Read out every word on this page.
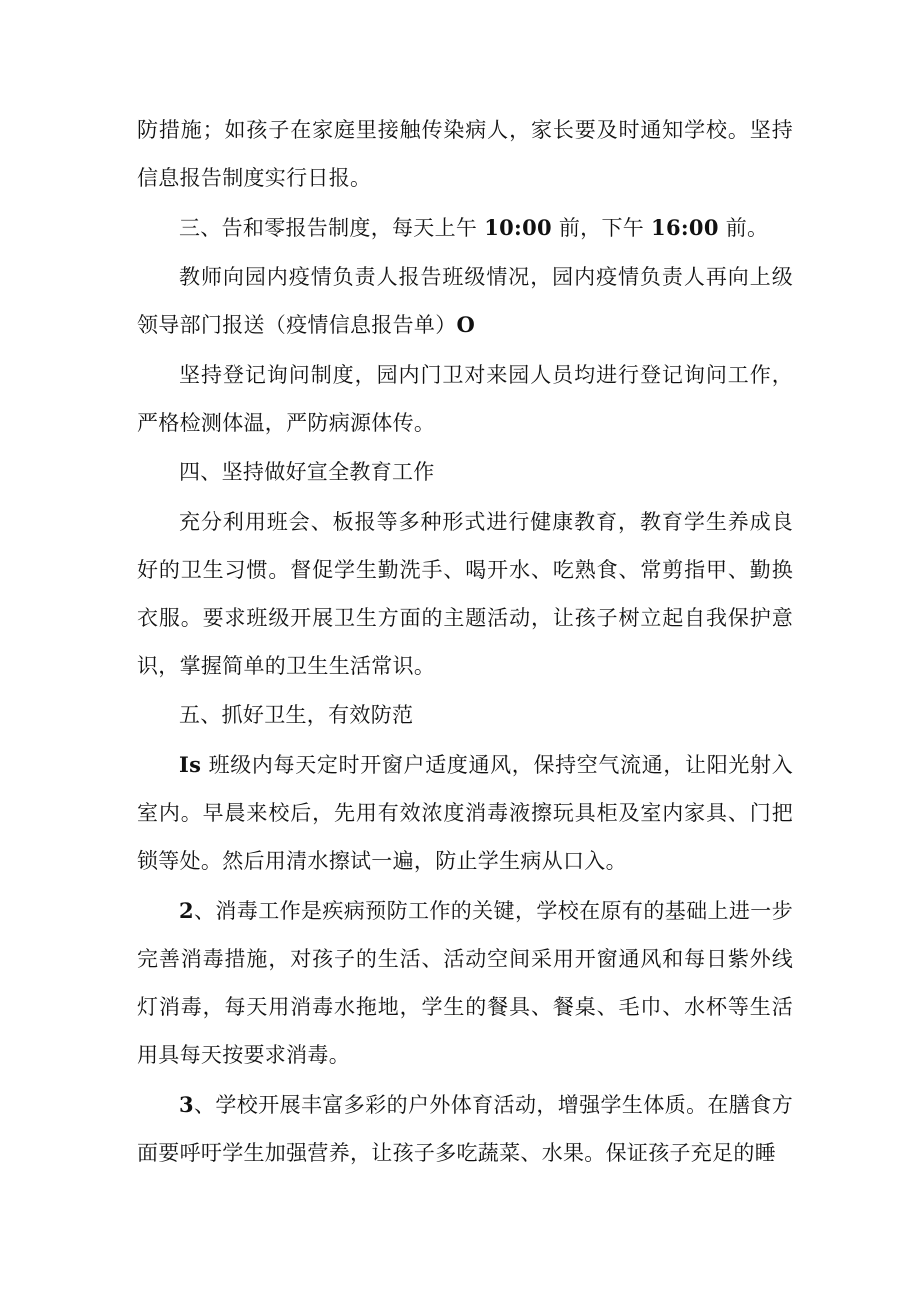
防措施；如孩子在家庭里接触传染病人，家长要及时通知学校。坚持信息报告制度实行日报。

三、告和零报告制度，每天上午 10:00 前，下午 16:00 前。

教师向园内疫情负责人报告班级情况，园内疫情负责人再向上级领导部门报送（疫情信息报告单）O

坚持登记询问制度，园内门卫对来园人员均进行登记询问工作，严格检测体温，严防病源体传。

四、坚持做好宣全教育工作

充分利用班会、板报等多种形式进行健康教育，教育学生养成良好的卫生习惯。督促学生勤洗手、喝开水、吃熟食、常剪指甲、勤换衣服。要求班级开展卫生方面的主题活动，让孩子树立起自我保护意识，掌握简单的卫生生活常识。

五、抓好卫生，有效防范

Is 班级内每天定时开窗户适度通风，保持空气流通，让阳光射入室内。早晨来校后，先用有效浓度消毒液擦玩具柜及室内家具、门把锁等处。然后用清水擦试一遍，防止学生病从口入。

2、消毒工作是疾病预防工作的关键，学校在原有的基础上进一步完善消毒措施，对孩子的生活、活动空间采用开窗通风和每日紫外线灯消毒，每天用消毒水拖地，学生的餐具、餐桌、毛巾、水杯等生活用具每天按要求消毒。

3、学校开展丰富多彩的户外体育活动，增强学生体质。在膳食方面要呼吁学生加强营养，让孩子多吃蔬菜、水果。保证孩子充足的睡
